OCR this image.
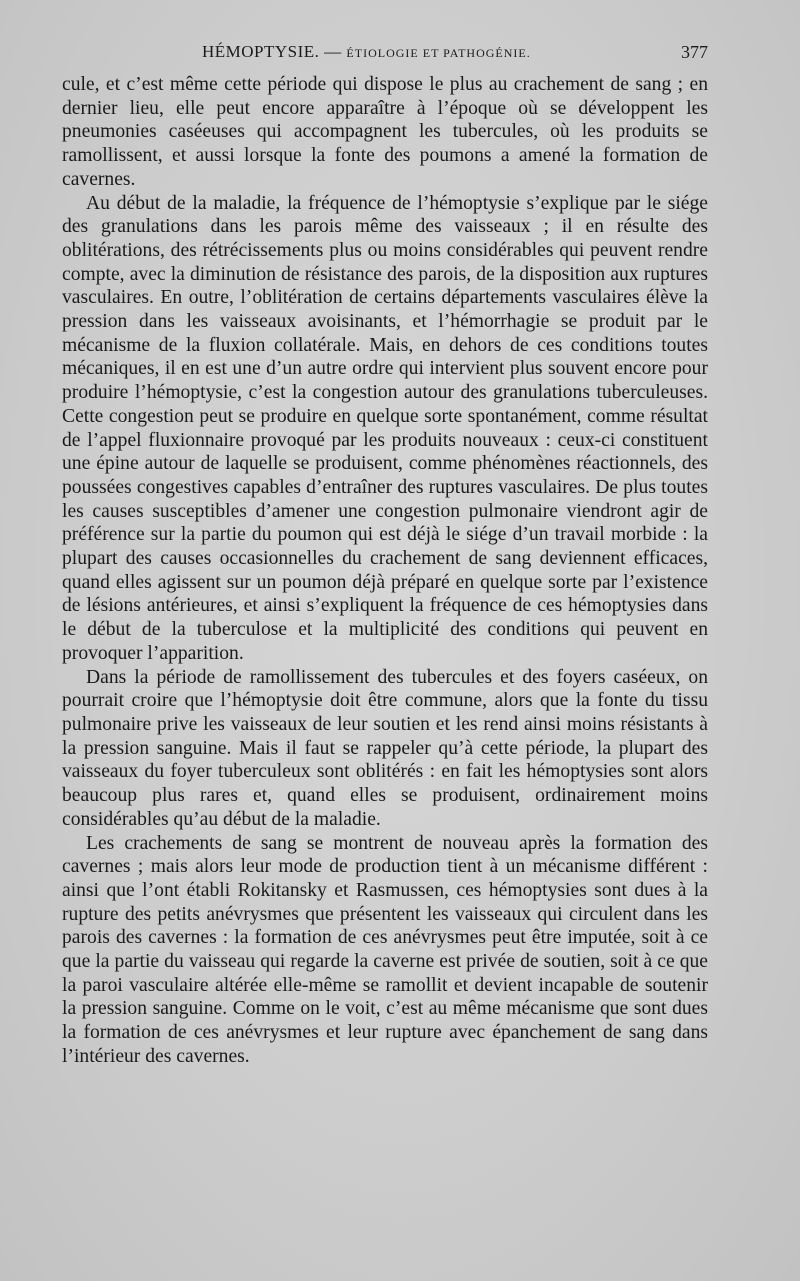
HÉMOPTYSIE. — ÉTIOLOGIE ET PATHOGÉNIE.	377

cule, et c’est même cette période qui dispose le plus au crachement de sang ; en dernier lieu, elle peut encore apparaître à l’époque où se développent les pneumonies caséeuses qui accompagnent les tubercules, où les produits se ramollissent, et aussi lorsque la fonte des poumons a amené la formation de cavernes.

Au début de la maladie, la fréquence de l’hémoptysie s’explique par le siége des granulations dans les parois même des vaisseaux ; il en résulte des oblitérations, des rétrécissements plus ou moins considérables qui peuvent rendre compte, avec la diminution de résistance des parois, de la disposition aux ruptures vasculaires. En outre, l’oblitération de certains départements vasculaires élève la pression dans les vaisseaux avoisinants, et l’hémorrhagie se produit par le mécanisme de la fluxion collatérale. Mais, en dehors de ces conditions toutes mécaniques, il en est une d’un autre ordre qui intervient plus souvent encore pour produire l’hémoptysie, c’est la congestion autour des granulations tuberculeuses. Cette congestion peut se produire en quelque sorte spontanément, comme résultat de l’appel fluxionnaire provoqué par les produits nouveaux : ceux-ci constituent une épine autour de laquelle se produisent, comme phénomènes réactionnels, des poussées congestives capables d’entraîner des ruptures vasculaires. De plus toutes les causes susceptibles d’amener une congestion pulmonaire viendront agir de préférence sur la partie du poumon qui est déjà le siége d’un travail morbide : la plupart des causes occasionnelles du crachement de sang deviennent efficaces, quand elles agissent sur un poumon déjà préparé en quelque sorte par l’existence de lésions antérieures, et ainsi s’expliquent la fréquence de ces hémoptysies dans le début de la tuberculose et la multiplicité des conditions qui peuvent en provoquer l’apparition.

Dans la période de ramollissement des tubercules et des foyers caséeux, on pourrait croire que l’hémoptysie doit être commune, alors que la fonte du tissu pulmonaire prive les vaisseaux de leur soutien et les rend ainsi moins résistants à la pression sanguine. Mais il faut se rappeler qu’à cette période, la plupart des vaisseaux du foyer tuberculeux sont oblitérés : en fait les hémoptysies sont alors beaucoup plus rares et, quand elles se produisent, ordinairement moins considérables qu’au début de la maladie.

Les crachements de sang se montrent de nouveau après la formation des cavernes ; mais alors leur mode de production tient à un mécanisme différent : ainsi que l’ont établi Rokitansky et Rasmussen, ces hémoptysies sont dues à la rupture des petits anévrysmes que présentent les vaisseaux qui circulent dans les parois des cavernes : la formation de ces anévrysmes peut être imputée, soit à ce que la partie du vaisseau qui regarde la caverne est privée de soutien, soit à ce que la paroi vasculaire altérée elle-même se ramollit et devient incapable de soutenir la pression sanguine. Comme on le voit, c’est au même mécanisme que sont dues la formation de ces anévrysmes et leur rupture avec épanchement de sang dans l’intérieur des cavernes.
